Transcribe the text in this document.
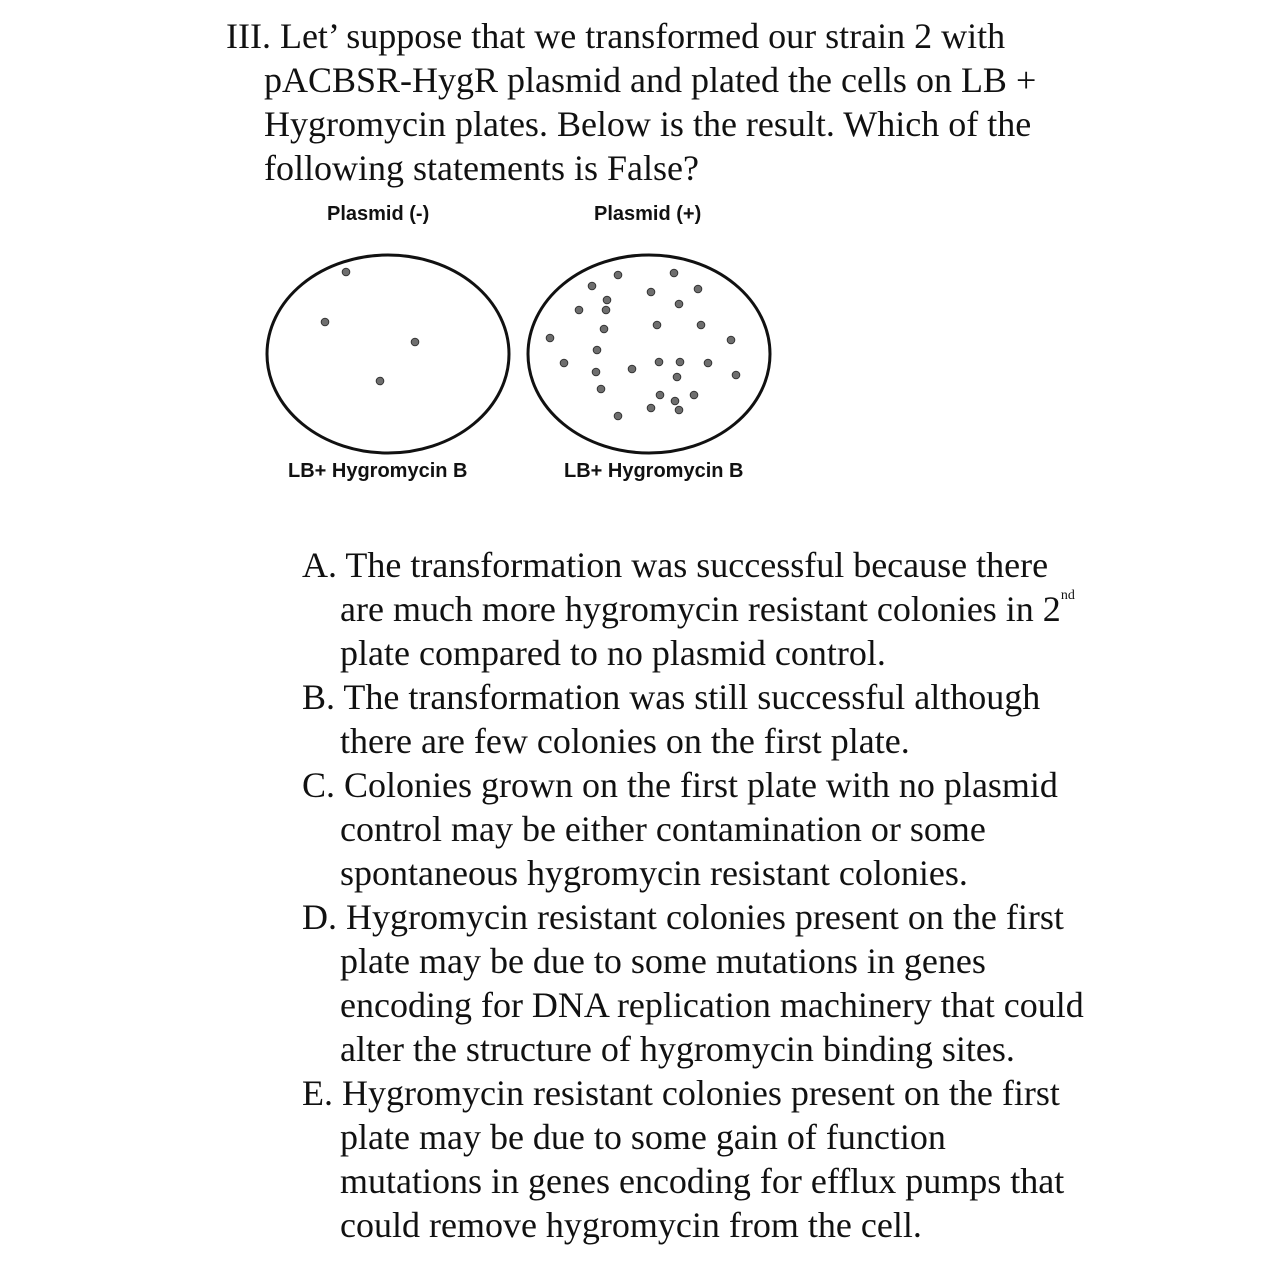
III. Let’ suppose that we transformed our strain 2 with
pACBSR-HygR plasmid and plated the cells on LB +
Hygromycin plates. Below is the result. Which of the
following statements is False?
Plasmid (-)	Plasmid (+)
LB+ Hygromycin B	LB+ Hygromycin B
A. The transformation was successful because there
are much more hygromycin resistant colonies in 2nd
plate compared to no plasmid control.
B. The transformation was still successful although
there are few colonies on the first plate.
C. Colonies grown on the first plate with no plasmid
control may be either contamination or some
spontaneous hygromycin resistant colonies.
D. Hygromycin resistant colonies present on the first
plate may be due to some mutations in genes
encoding for DNA replication machinery that could
alter the structure of hygromycin binding sites.
E. Hygromycin resistant colonies present on the first
plate may be due to some gain of function
mutations in genes encoding for efflux pumps that
could remove hygromycin from the cell.
